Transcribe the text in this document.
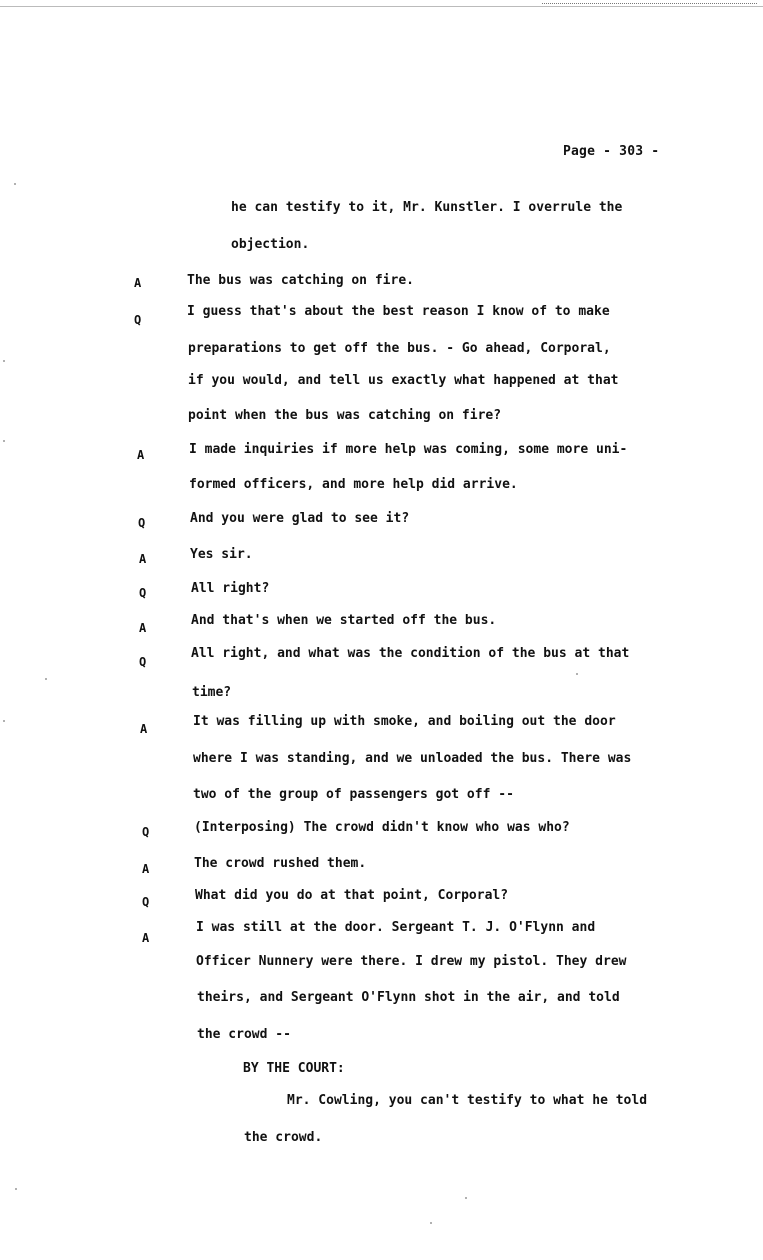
Page - 303 -
he can testify to it, Mr. Kunstler. I overrule the
objection.
A	The bus was catching on fire.
Q
I guess that's about the best reason I know of to make
preparations to get off the bus. - Go ahead, Corporal,
if you would, and tell us exactly what happened at that
point when the bus was catching on fire?
A	I made inquiries if more help was coming, some more uni-
formed officers, and more help did arrive.
Q	And you were glad to see it?
A	Yes sir.
Q	All right?
A	And that's when we started off the bus.
Q
All right, and what was the condition of the bus at that
time?
A	It was filling up with smoke, and boiling out the door
where I was standing, and we unloaded the bus. There was
two of the group of passengers got off --
Q	(Interposing) The crowd didn't know who was who?
A	The crowd rushed them.
Q	What did you do at that point, Corporal?
A
I was still at the door. Sergeant T. J. O'Flynn and
Officer Nunnery were there. I drew my pistol. They drew
theirs, and Sergeant O'Flynn shot in the air, and told
the crowd --
BY THE COURT:
Mr. Cowling, you can't testify to what he told
the crowd.
